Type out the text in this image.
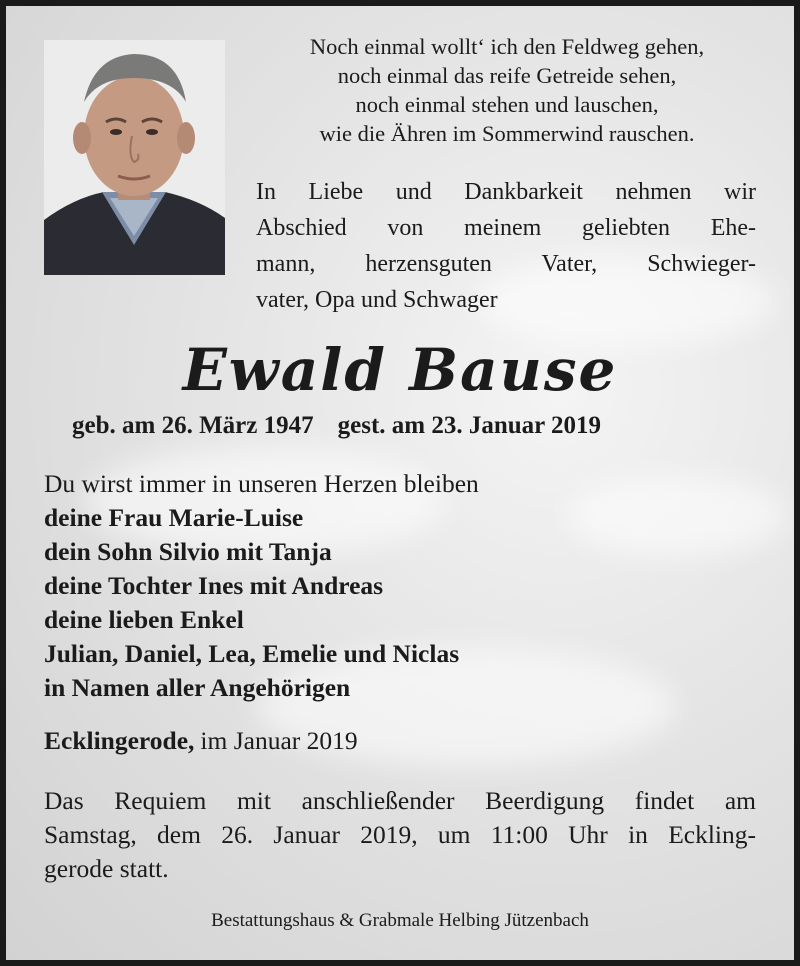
Noch einmal wollt‘ ich den Feldweg gehen,
noch einmal das reife Getreide sehen,
noch einmal stehen und lauschen,
wie die Ähren im Sommerwind rauschen.
In Liebe und Dankbarkeit nehmen wir
Abschied von meinem geliebten Ehe-
mann, herzensguten Vater, Schwieger-
vater, Opa und Schwager
Ewald Bause
geb. am 26. März 1947 gest. am 23. Januar 2019
Du wirst immer in unseren Herzen bleiben
deine Frau Marie-Luise
dein Sohn Silvio mit Tanja
deine Tochter Ines mit Andreas
deine lieben Enkel
Julian, Daniel, Lea, Emelie und Niclas
in Namen aller Angehörigen
Ecklingerode, im Januar 2019
Das Requiem mit anschließender Beerdigung findet am
Samstag, dem 26. Januar 2019, um 11:00 Uhr in Eckling-
gerode statt.
Bestattungshaus & Grabmale Helbing Jützenbach
